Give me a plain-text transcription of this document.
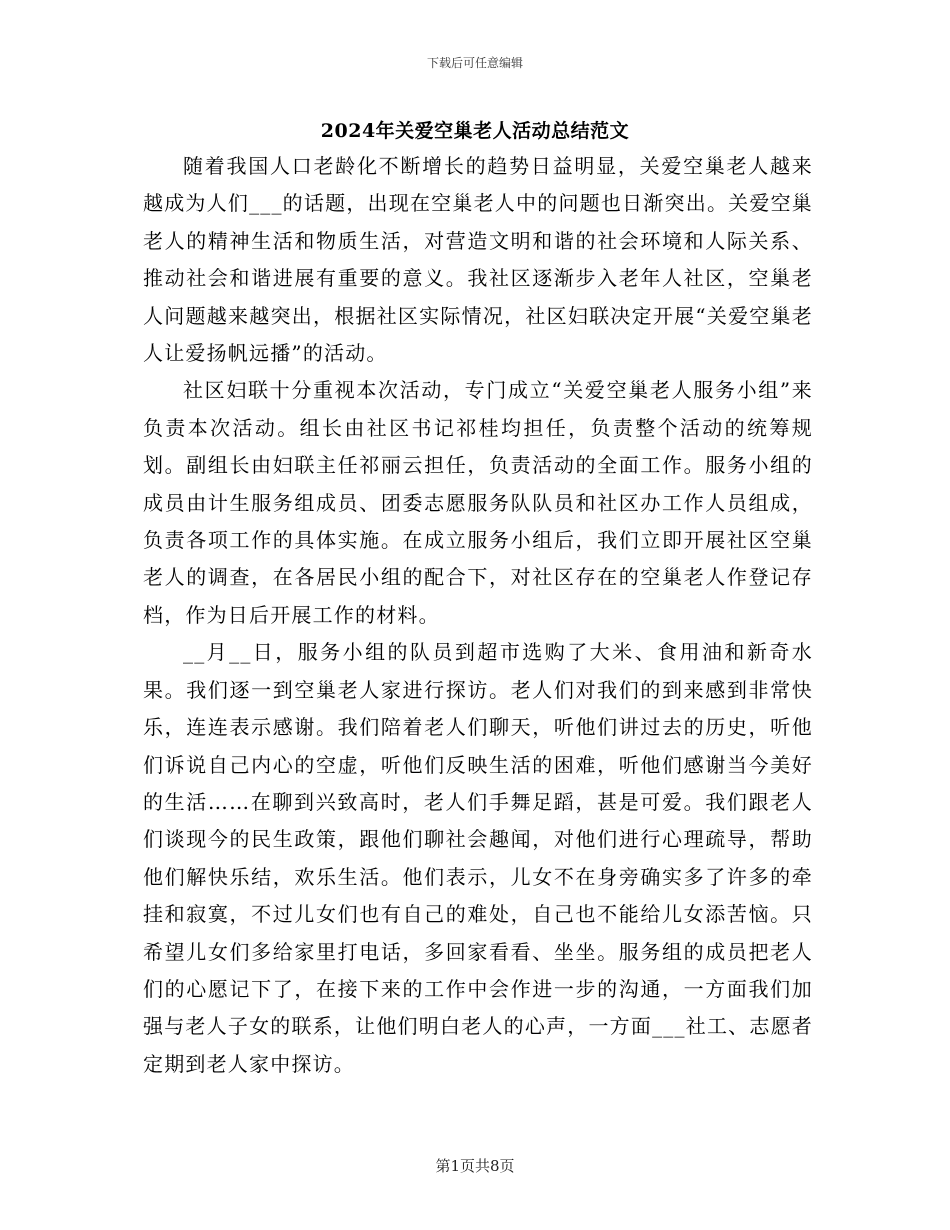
下载后可任意编辑
2024年关爱空巢老人活动总结范文

随着我国人口老龄化不断增长的趋势日益明显，关爱空巢老人越来越成为人们___的话题，出现在空巢老人中的问题也日渐突出。关爱空巢老人的精神生活和物质生活，对营造文明和谐的社会环境和人际关系、推动社会和谐进展有重要的意义。我社区逐渐步入老年人社区，空巢老人问题越来越突出，根据社区实际情况，社区妇联决定开展“关爱空巢老人让爱扬帆远播”的活动。

社区妇联十分重视本次活动，专门成立“关爱空巢老人服务小组”来负责本次活动。组长由社区书记祁桂均担任，负责整个活动的统筹规划。副组长由妇联主任祁丽云担任，负责活动的全面工作。服务小组的成员由计生服务组成员、团委志愿服务队队员和社区办工作人员组成，负责各项工作的具体实施。在成立服务小组后，我们立即开展社区空巢老人的调查，在各居民小组的配合下，对社区存在的空巢老人作登记存档，作为日后开展工作的材料。

__月__日，服务小组的队员到超市选购了大米、食用油和新奇水果。我们逐一到空巢老人家进行探访。老人们对我们的到来感到非常快乐，连连表示感谢。我们陪着老人们聊天，听他们讲过去的历史，听他们诉说自己内心的空虚，听他们反映生活的困难，听他们感谢当今美好的生活……在聊到兴致高时，老人们手舞足蹈，甚是可爱。我们跟老人们谈现今的民生政策，跟他们聊社会趣闻，对他们进行心理疏导，帮助他们解快乐结，欢乐生活。他们表示，儿女不在身旁确实多了许多的牵挂和寂寞，不过儿女们也有自己的难处，自己也不能给儿女添苦恼。只希望儿女们多给家里打电话，多回家看看、坐坐。服务组的成员把老人们的心愿记下了，在接下来的工作中会作进一步的沟通，一方面我们加强与老人子女的联系，让他们明白老人的心声，一方面___社工、志愿者定期到老人家中探访。

第1页共8页
